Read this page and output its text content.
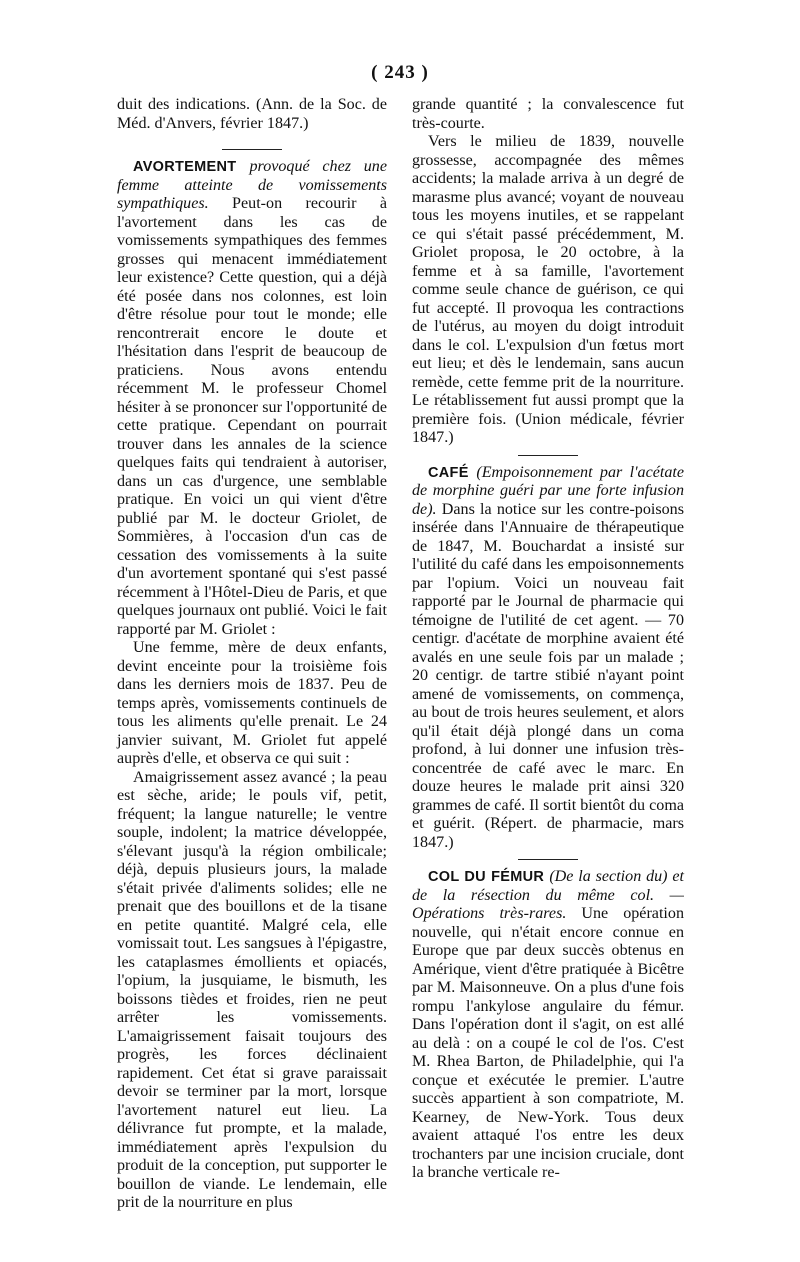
( 243 )

duit des indications. (Ann. de la Soc. de Méd. d'Anvers, février 1847.)

AVORTEMENT provoqué chez une femme atteinte de vomissements sympathiques. Peut-on recourir à l'avortement dans les cas de vomissements sympathiques des femmes grosses qui menacent immédiatement leur existence? Cette question, qui a déjà été posée dans nos colonnes, est loin d'être résolue pour tout le monde; elle rencontrerait encore le doute et l'hésitation dans l'esprit de beaucoup de praticiens. Nous avons entendu récemment M. le professeur Chomel hésiter à se prononcer sur l'opportunité de cette pratique. Cependant on pourrait trouver dans les annales de la science quelques faits qui tendraient à autoriser, dans un cas d'urgence, une semblable pratique. En voici un qui vient d'être publié par M. le docteur Griolet, de Sommières, à l'occasion d'un cas de cessation des vomissements à la suite d'un avortement spontané qui s'est passé récemment à l'Hôtel-Dieu de Paris, et que quelques journaux ont publié. Voici le fait rapporté par M. Griolet :

Une femme, mère de deux enfants, devint enceinte pour la troisième fois dans les derniers mois de 1837. Peu de temps après, vomissements continuels de tous les aliments qu'elle prenait. Le 24 janvier suivant, M. Griolet fut appelé auprès d'elle, et observa ce qui suit :

Amaigrissement assez avancé ; la peau est sèche, aride; le pouls vif, petit, fréquent; la langue naturelle; le ventre souple, indolent; la matrice développée, s'élevant jusqu'à la région ombilicale; déjà, depuis plusieurs jours, la malade s'était privée d'aliments solides; elle ne prenait que des bouillons et de la tisane en petite quantité. Malgré cela, elle vomissait tout. Les sangsues à l'épigastre, les cataplasmes émollients et opiacés, l'opium, la jusquiame, le bismuth, les boissons tièdes et froides, rien ne peut arrêter les vomissements. L'amaigrissement faisait toujours des progrès, les forces déclinaient rapidement. Cet état si grave paraissait devoir se terminer par la mort, lorsque l'avortement naturel eut lieu. La délivrance fut prompte, et la malade, immédiatement après l'expulsion du produit de la conception, put supporter le bouillon de viande. Le lendemain, elle prit de la nourriture en plus

grande quantité ; la convalescence fut très-courte.

Vers le milieu de 1839, nouvelle grossesse, accompagnée des mêmes accidents; la malade arriva à un degré de marasme plus avancé; voyant de nouveau tous les moyens inutiles, et se rappelant ce qui s'était passé précédemment, M. Griolet proposa, le 20 octobre, à la femme et à sa famille, l'avortement comme seule chance de guérison, ce qui fut accepté. Il provoqua les contractions de l'utérus, au moyen du doigt introduit dans le col. L'expulsion d'un fœtus mort eut lieu; et dès le lendemain, sans aucun remède, cette femme prit de la nourriture. Le rétablissement fut aussi prompt que la première fois. (Union médicale, février 1847.)

CAFÉ (Empoisonnement par l'acétate de morphine guéri par une forte infusion de). Dans la notice sur les contre-poisons insérée dans l'Annuaire de thérapeutique de 1847, M. Bouchardat a insisté sur l'utilité du café dans les empoisonnements par l'opium. Voici un nouveau fait rapporté par le Journal de pharmacie qui témoigne de l'utilité de cet agent. — 70 centigr. d'acétate de morphine avaient été avalés en une seule fois par un malade ; 20 centigr. de tartre stibié n'ayant point amené de vomissements, on commença, au bout de trois heures seulement, et alors qu'il était déjà plongé dans un coma profond, à lui donner une infusion très-concentrée de café avec le marc. En douze heures le malade prit ainsi 320 grammes de café. Il sortit bientôt du coma et guérit. (Répert. de pharmacie, mars 1847.)

COL DU FÉMUR (De la section du) et de la résection du même col. — Opérations très-rares. Une opération nouvelle, qui n'était encore connue en Europe que par deux succès obtenus en Amérique, vient d'être pratiquée à Bicêtre par M. Maisonneuve. On a plus d'une fois rompu l'ankylose angulaire du fémur. Dans l'opération dont il s'agit, on est allé au delà : on a coupé le col de l'os. C'est M. Rhea Barton, de Philadelphie, qui l'a conçue et exécutée le premier. L'autre succès appartient à son compatriote, M. Kearney, de New-York. Tous deux avaient attaqué l'os entre les deux trochanters par une incision cruciale, dont la branche verticale re-
